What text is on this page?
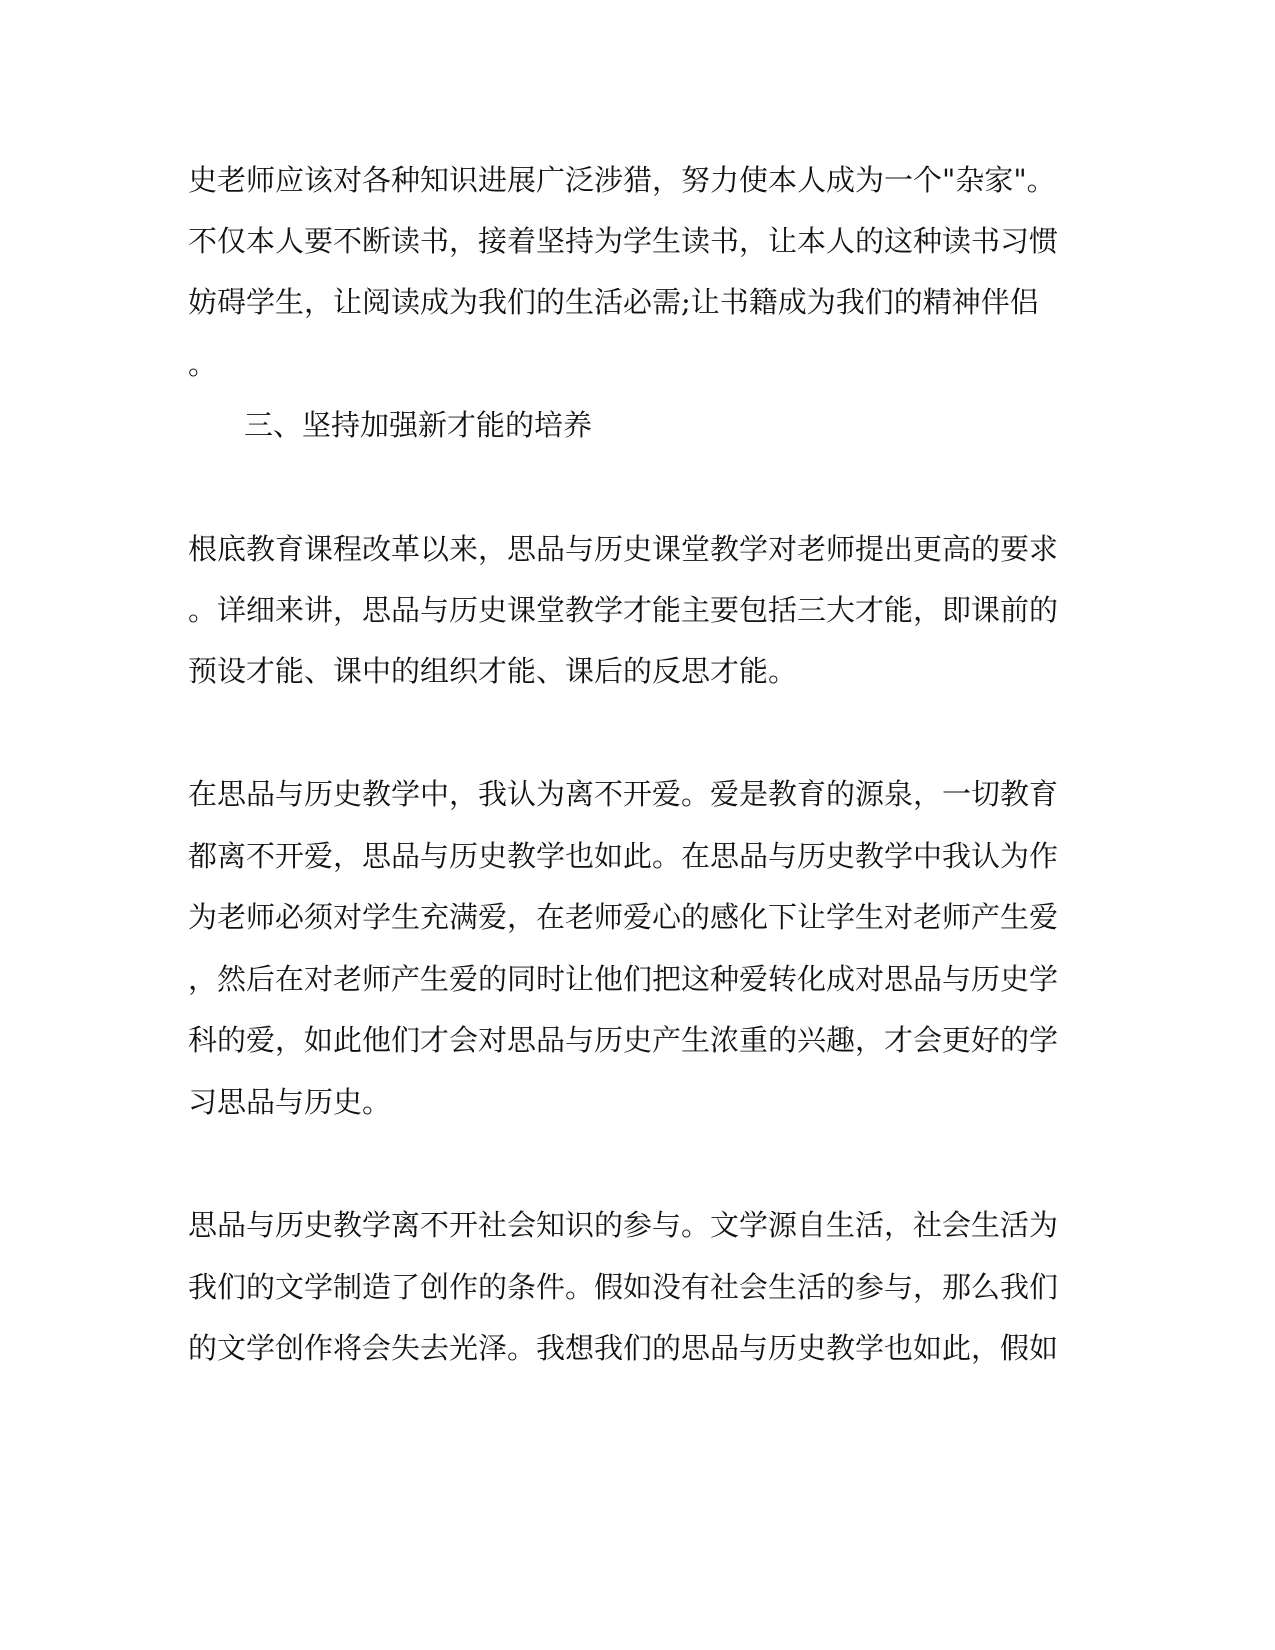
史老师应该对各种知识进展广泛涉猎，努力使本人成为一个"杂家"。
不仅本人要不断读书，接着坚持为学生读书，让本人的这种读书习惯
妨碍学生，让阅读成为我们的生活必需;让书籍成为我们的精神伴侣
。
三、坚持加强新才能的培养
根底教育课程改革以来，思品与历史课堂教学对老师提出更高的要求
。详细来讲，思品与历史课堂教学才能主要包括三大才能，即课前的
预设才能、课中的组织才能、课后的反思才能。
在思品与历史教学中，我认为离不开爱。爱是教育的源泉，一切教育
都离不开爱，思品与历史教学也如此。在思品与历史教学中我认为作
为老师必须对学生充满爱，在老师爱心的感化下让学生对老师产生爱
，然后在对老师产生爱的同时让他们把这种爱转化成对思品与历史学
科的爱，如此他们才会对思品与历史产生浓重的兴趣，才会更好的学
习思品与历史。
思品与历史教学离不开社会知识的参与。文学源自生活，社会生活为
我们的文学制造了创作的条件。假如没有社会生活的参与，那么我们
的文学创作将会失去光泽。我想我们的思品与历史教学也如此，假如
